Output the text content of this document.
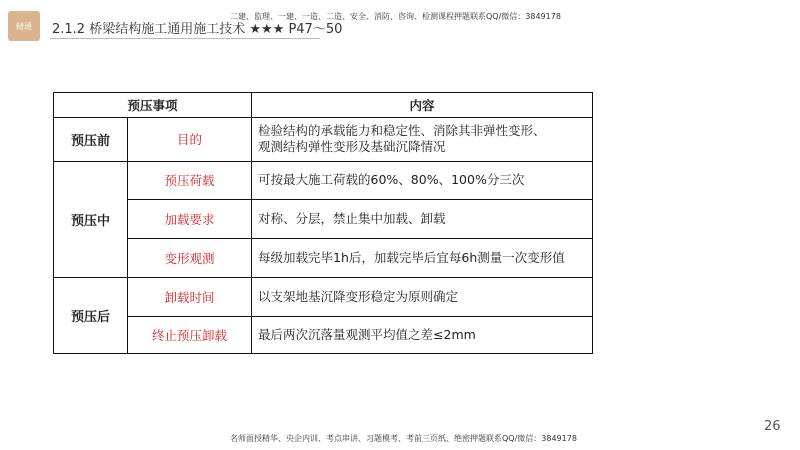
精通 2.1.2 桥梁结构施工通用施工技术 ★★★ P47～50
二建、监理、一建、一造、二造、安全、消防、咨询、检测课程押题联系QQ/微信：3849178
预压事项		内容
预压前	目的	检验结构的承载能力和稳定性、消除其非弹性变形、
观测结构弹性变形及基础沉降情况

预压中	预压荷载	可按最大施工荷载的60%、80%、100%分三次
	加载要求	对称、分层，禁止集中加载、卸载
	变形观测	每级加载完毕1h后，加载完毕后宜每6h测量一次变形值
预压后	卸载时间	以支架地基沉降变形稳定为原则确定
	终止预压卸载	最后两次沉落量观测平均值之差≤2mm
名师面授精华、央企内训、考点串讲、习题模考、考前三页纸、绝密押题联系QQ/微信：3849178
26
